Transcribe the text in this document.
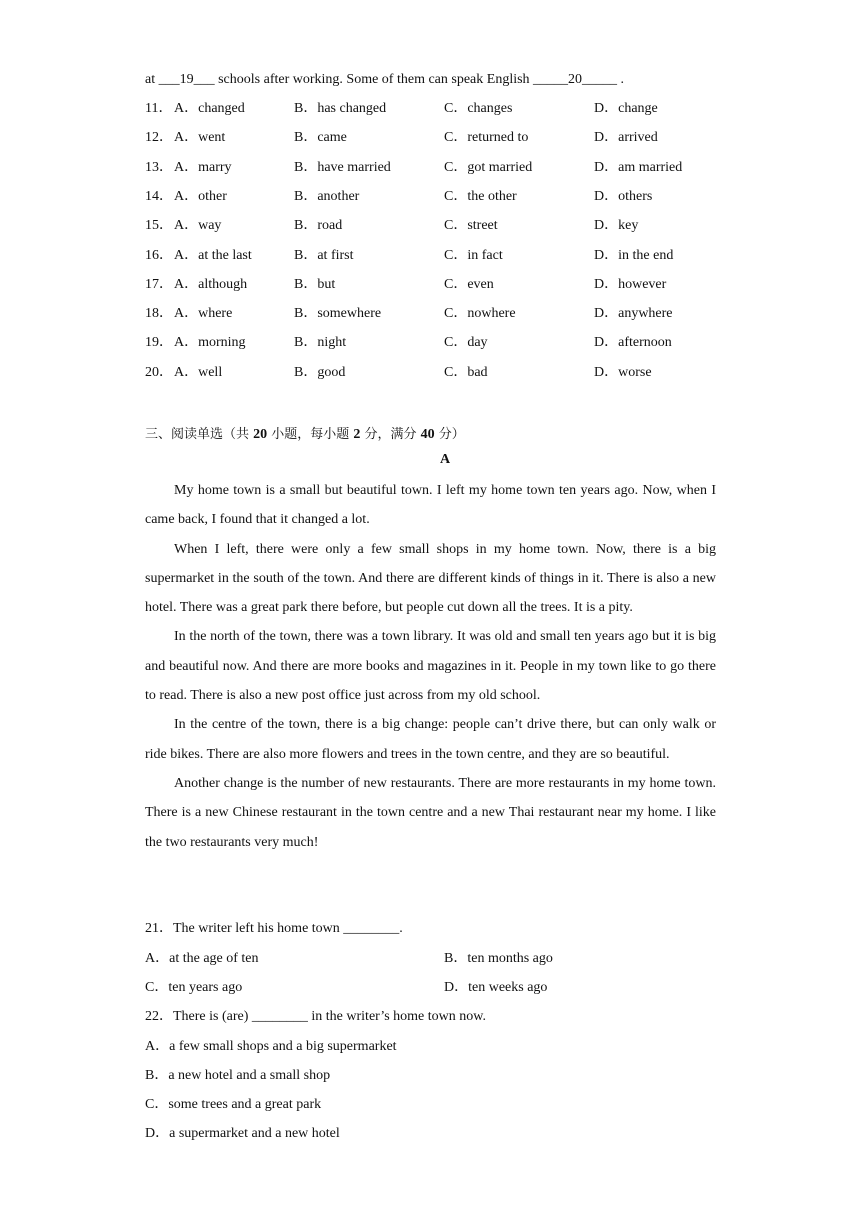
at ___19___ schools after working. Some of them can speak English _____20_____ .
11． A．changed	B．has changed	C．changes	D．change
12． A．went	B．came	C．returned to	D．arrived
13． A．marry	B．have married	C．got married	D．am married
14． A．other	B．another	C．the other	D．others
15． A．way	B．road	C．street	D．key
16． A．at the last	B．at first	C．in fact	D．in the end
17． A．although	B．but	C．even	D．however
18． A．where	B．somewhere	C．nowhere	D．anywhere
19． A．morning	B．night	C．day	D．afternoon
20． A．well	B．good	C．bad	D．worse
三、阅读单选（共 20 小题，每小题 2 分，满分 40 分）
A

My home town is a small but beautiful town. I left my home town ten years ago. Now, when I came back, I found that it changed a lot.

When I left, there were only a few small shops in my home town. Now, there is a big supermarket in the south of the town. And there are different kinds of things in it. There is also a new hotel. There was a great park there before, but people cut down all the trees. It is a pity.

In the north of the town, there was a town library. It was old and small ten years ago but it is big and beautiful now. And there are more books and magazines in it. People in my town like to go there to read. There is also a new post office just across from my old school.

In the centre of the town, there is a big change: people can’t drive there, but can only walk or ride bikes. There are also more flowers and trees in the town centre, and they are so beautiful.

Another change is the number of new restaurants. There are more restaurants in my home town. There is a new Chinese restaurant in the town centre and a new Thai restaurant near my home. I like the two restaurants very much!

21．The writer left his home town ________.
A．at the age of ten	B．ten months ago
C．ten years ago	D．ten weeks ago
22．There is (are) ________ in the writer’s home town now.
A．a few small shops and a big supermarket
B．a new hotel and a small shop
C．some trees and a great park
D．a supermarket and a new hotel
